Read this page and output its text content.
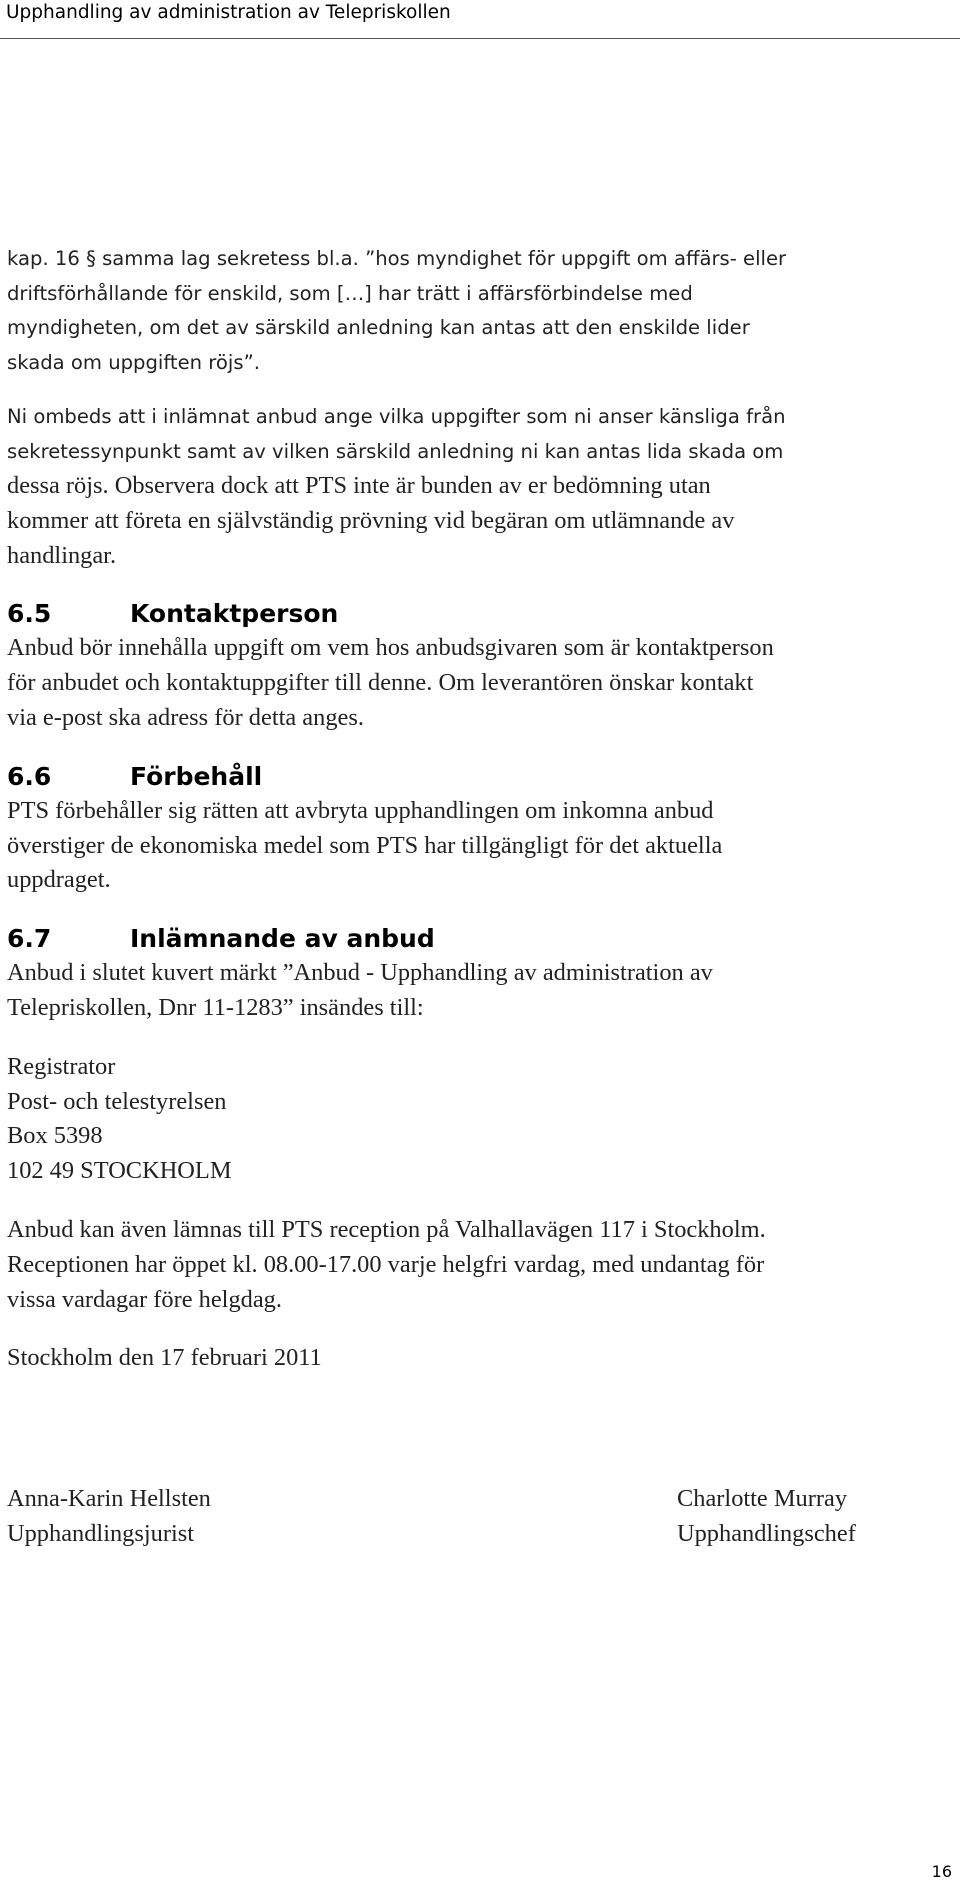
Upphandling av administration av Telepriskollen

kap. 16 § samma lag sekretess bl.a. ”hos myndighet för uppgift om affärs- eller

driftsförhållande för enskild, som […] har trätt i affärsförbindelse med

myndigheten, om det av särskild anledning kan antas att den enskilde lider

skada om uppgiften röjs”.

Ni ombeds att i inlämnat anbud ange vilka uppgifter som ni anser känsliga från

sekretessynpunkt samt av vilken särskild anledning ni kan antas lida skada om

dessa röjs. Observera dock att PTS inte är bunden av er bedömning utan

kommer att företa en självständig prövning vid begäran om utlämnande av

handlingar.

6.5	Kontaktperson

Anbud bör innehålla uppgift om vem hos anbudsgivaren som är kontaktperson

för anbudet och kontaktuppgifter till denne. Om leverantören önskar kontakt

via e-post ska adress för detta anges.

6.6	Förbehåll

PTS förbehåller sig rätten att avbryta upphandlingen om inkomna anbud

överstiger de ekonomiska medel som PTS har tillgängligt för det aktuella

uppdraget.

6.7	Inlämnande av anbud

Anbud i slutet kuvert märkt ”Anbud - Upphandling av administration av

Telepriskollen, Dnr 11-1283” insändes till:

Registrator

Post- och telestyrelsen

Box 5398

102 49 STOCKHOLM

Anbud kan även lämnas till PTS reception på Valhallavägen 117 i Stockholm.

Receptionen har öppet kl. 08.00-17.00 varje helgfri vardag, med undantag för

vissa vardagar före helgdag.

Stockholm den 17 februari 2011

Anna-Karin Hellsten

Upphandlingsjurist

Charlotte Murray

Upphandlingschef

16
